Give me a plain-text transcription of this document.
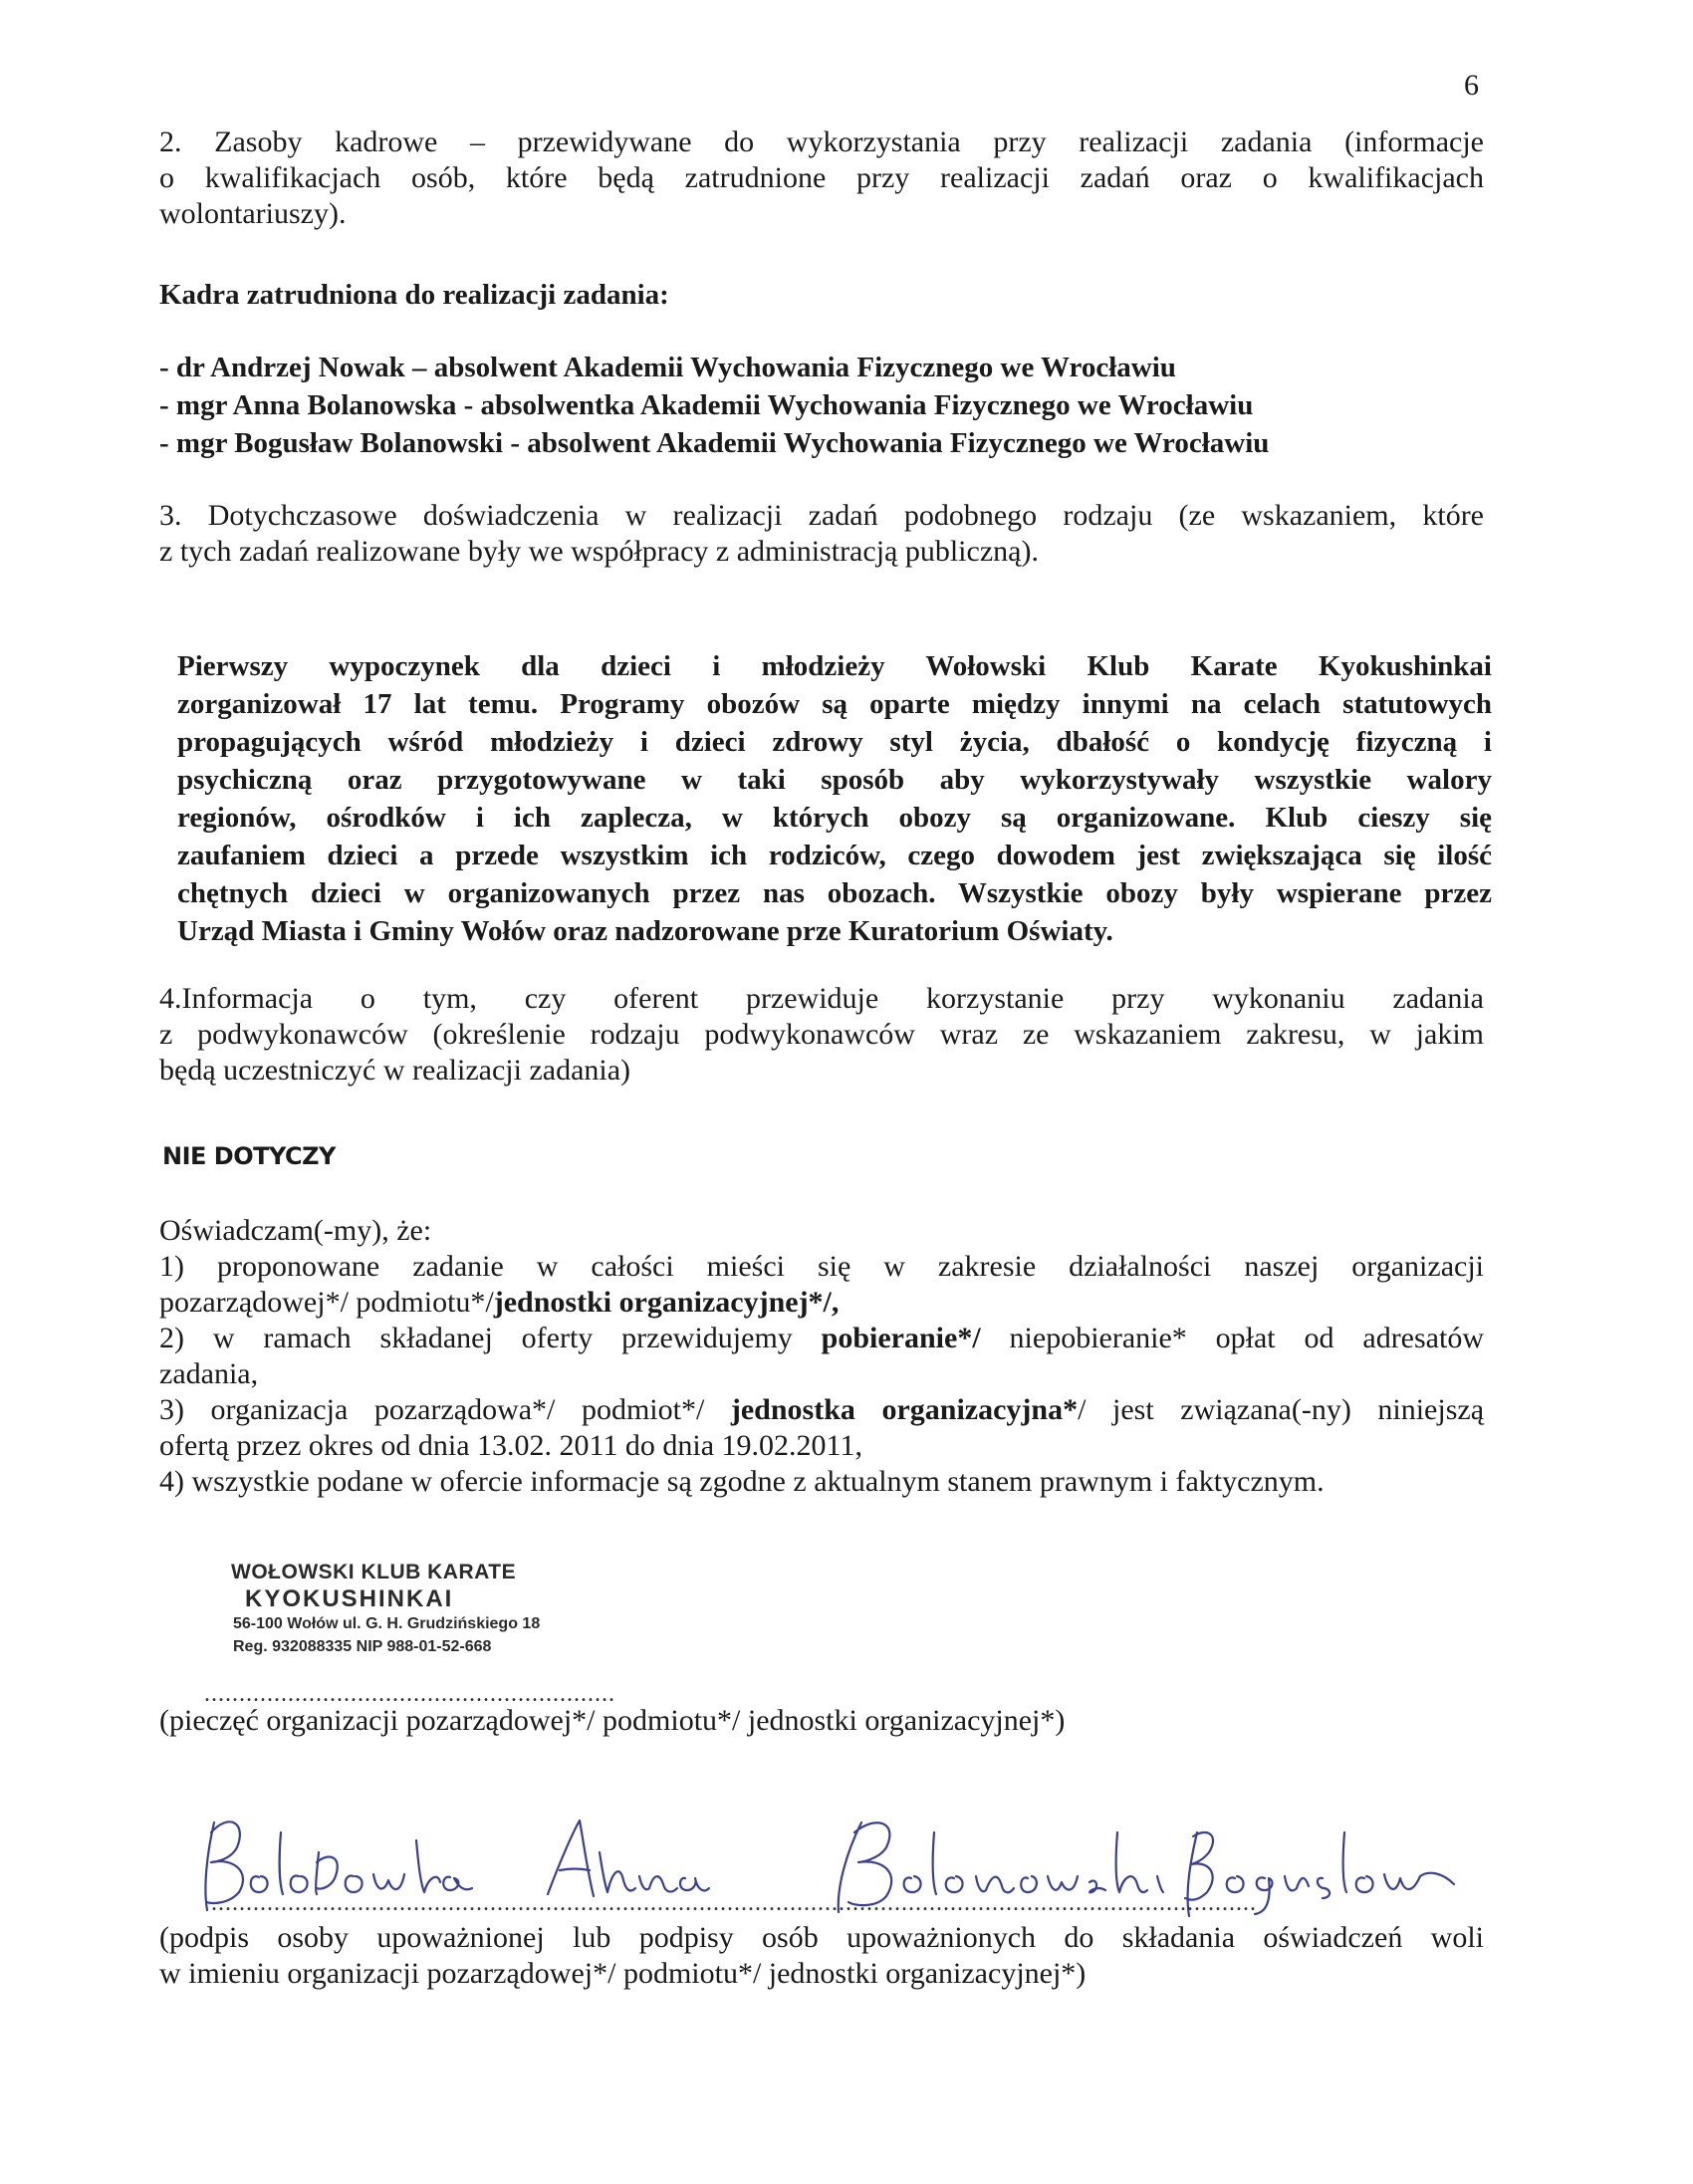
6
2. Zasoby kadrowe – przewidywane do wykorzystania przy realizacji zadania (informacje
o kwalifikacjach osób, które będą zatrudnione przy realizacji zadań oraz o kwalifikacjach
wolontariuszy).
Kadra zatrudniona do realizacji zadania:
- dr Andrzej Nowak – absolwent Akademii Wychowania Fizycznego we Wrocławiu
- mgr Anna Bolanowska - absolwentka Akademii Wychowania Fizycznego we Wrocławiu
- mgr Bogusław Bolanowski - absolwent Akademii Wychowania Fizycznego we Wrocławiu
3. Dotychczasowe doświadczenia w realizacji zadań podobnego rodzaju (ze wskazaniem, które
z tych zadań realizowane były we współpracy z administracją publiczną).
Pierwszy wypoczynek dla dzieci i młodzieży Wołowski Klub Karate Kyokushinkai
zorganizował 17 lat temu. Programy obozów są oparte między innymi na celach statutowych
propagujących wśród młodzieży i dzieci zdrowy styl życia, dbałość o kondycję fizyczną i
psychiczną oraz przygotowywane w taki sposób aby wykorzystywały wszystkie walory
regionów, ośrodków i ich zaplecza, w których obozy są organizowane. Klub cieszy się
zaufaniem dzieci a przede wszystkim ich rodziców, czego dowodem jest zwiększająca się ilość
chętnych dzieci w organizowanych przez nas obozach. Wszystkie obozy były wspierane przez
Urząd Miasta i Gminy Wołów oraz nadzorowane prze Kuratorium Oświaty.
4.Informacja o tym, czy oferent przewiduje korzystanie przy wykonaniu zadania
z podwykonawców (określenie rodzaju podwykonawców wraz ze wskazaniem zakresu, w jakim
będą uczestniczyć w realizacji zadania)
NIE DOTYCZY
Oświadczam(-my), że:
1) proponowane zadanie w całości mieści się w zakresie działalności naszej organizacji
pozarządowej*/ podmiotu*/jednostki organizacyjnej*/,
2) w ramach składanej oferty przewidujemy pobieranie*/ niepobieranie* opłat od adresatów
zadania,
3) organizacja pozarządowa*/ podmiot*/ jednostka organizacyjna*/ jest związana(-ny) niniejszą
ofertą przez okres od dnia 13.02. 2011 do dnia 19.02.2011,
4) wszystkie podane w ofercie informacje są zgodne z aktualnym stanem prawnym i faktycznym.
WOŁOWSKI KLUB KARATE
KYOKUSHINKAI
56-100 Wołów ul. G. H. Grudzińskiego 18
Reg. 932088335 NIP 988-01-52-668
...........................................................
(pieczęć organizacji pozarządowej*/ podmiotu*/ jednostki organizacyjnej*)
......................................................................................................................................................
(podpis osoby upoważnionej lub podpisy osób upoważnionych do składania oświadczeń woli
w imieniu organizacji pozarządowej*/ podmiotu*/ jednostki organizacyjnej*)
